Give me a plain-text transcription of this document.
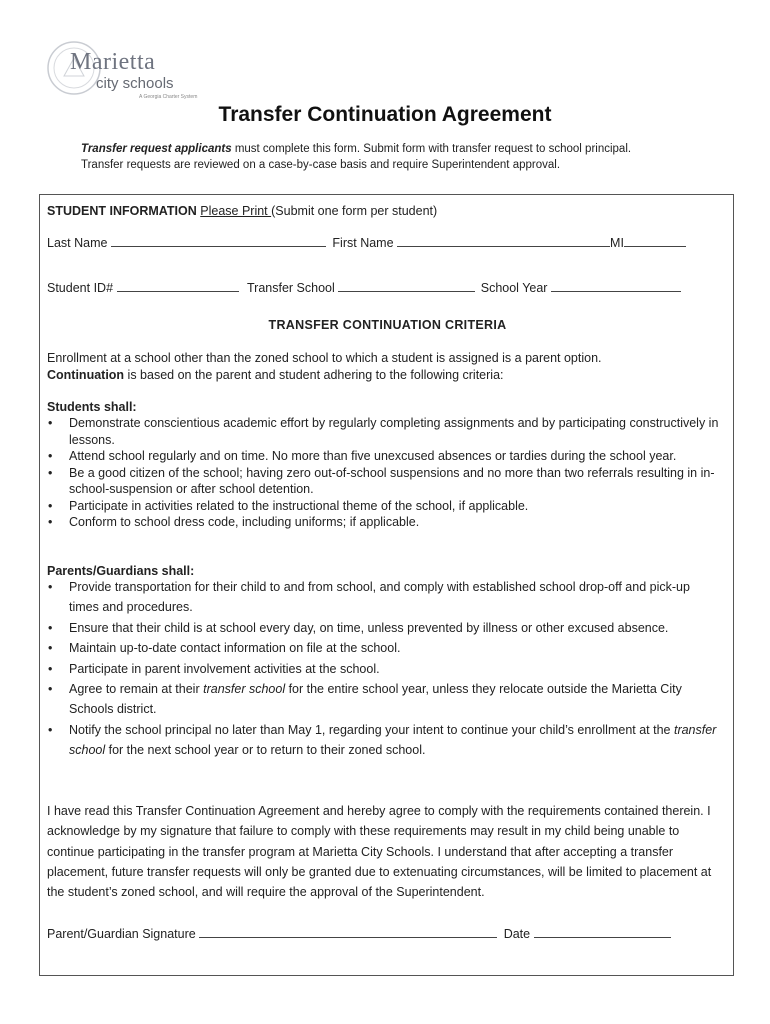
Marietta
city schools
A Georgia Charter System
Transfer Continuation Agreement
Transfer request applicants must complete this form. Submit form with transfer request to school principal.
Transfer requests are reviewed on a case-by-case basis and require Superintendent approval.
STUDENT INFORMATION Please Print (Submit one form per student)
Last Name	First Name	MI
Student ID#	Transfer School	School Year
TRANSFER CONTINUATION CRITERIA
Enrollment at a school other than the zoned school to which a student is assigned is a parent option.
Continuation is based on the parent and student adhering to the following criteria:
Students shall:
• Demonstrate conscientious academic effort by regularly completing assignments and by participating constructively in lessons.
• Attend school regularly and on time. No more than five unexcused absences or tardies during the school year.
• Be a good citizen of the school; having zero out-of-school suspensions and no more than two referrals resulting in in-school-suspension or after school detention.
• Participate in activities related to the instructional theme of the school, if applicable.
• Conform to school dress code, including uniforms; if applicable.
Parents/Guardians shall:
• Provide transportation for their child to and from school, and comply with established school drop-off and pick-up times and procedures.
• Ensure that their child is at school every day, on time, unless prevented by illness or other excused absence.
• Maintain up-to-date contact information on file at the school.
• Participate in parent involvement activities at the school.
• Agree to remain at their transfer school for the entire school year, unless they relocate outside the Marietta City Schools district.
• Notify the school principal no later than May 1, regarding your intent to continue your child’s enrollment at the transfer school for the next school year or to return to their zoned school.
I have read this Transfer Continuation Agreement and hereby agree to comply with the requirements contained therein. I acknowledge by my signature that failure to comply with these requirements may result in my child being unable to continue participating in the transfer program at Marietta City Schools. I understand that after accepting a transfer placement, future transfer requests will only be granted due to extenuating circumstances, will be limited to placement at the student’s zoned school, and will require the approval of the Superintendent.
Parent/Guardian Signature	Date
